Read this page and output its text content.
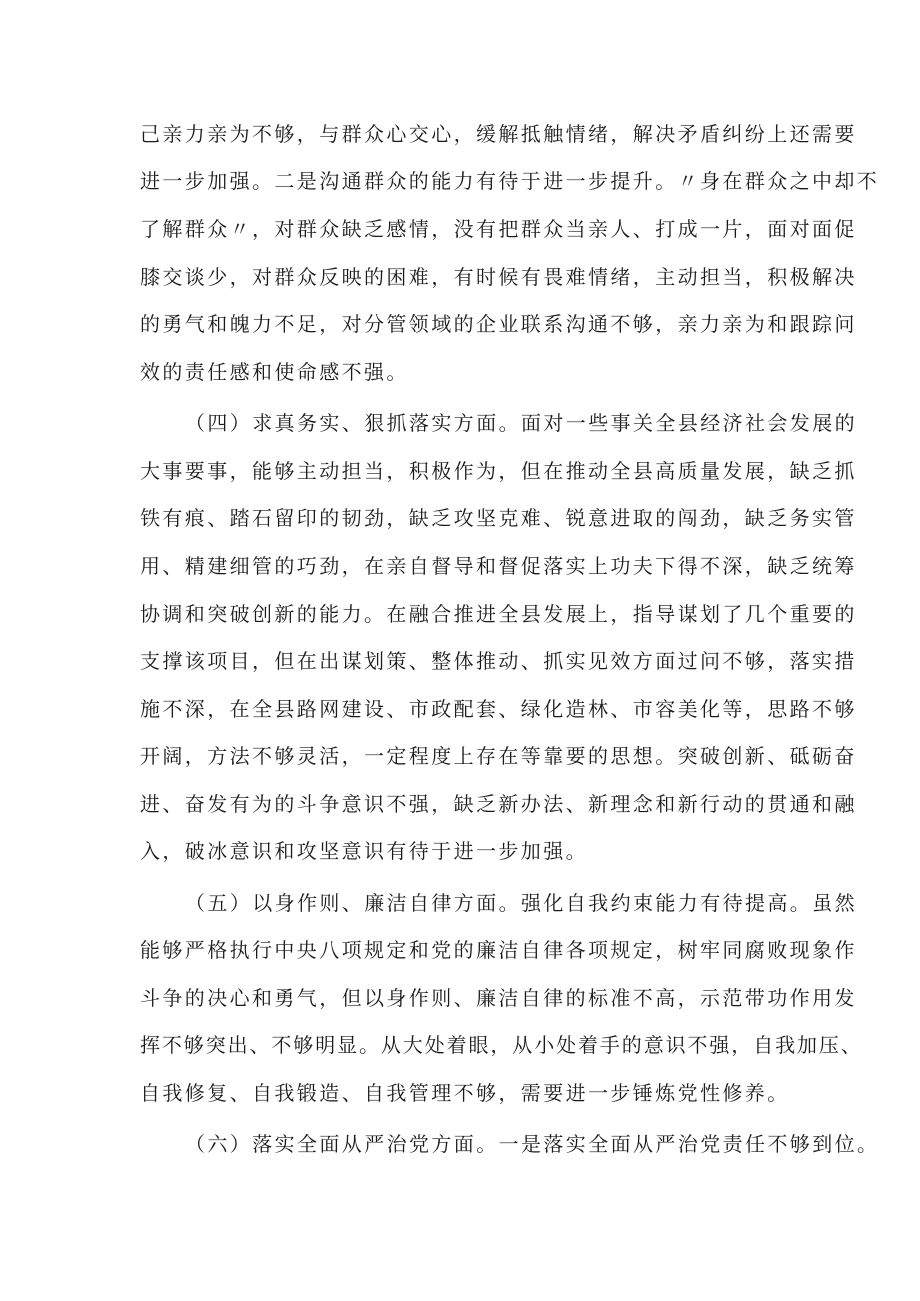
己亲力亲为不够，与群众心交心，缓解抵触情绪，解决矛盾纠纷上还需要
进一步加强。二是沟通群众的能力有待于进一步提升。〃身在群众之中却不
了解群众〃，对群众缺乏感情，没有把群众当亲人、打成一片，面对面促
膝交谈少，对群众反映的困难，有时候有畏难情绪，主动担当，积极解决
的勇气和魄力不足，对分管领域的企业联系沟通不够，亲力亲为和跟踪问
效的责任感和使命感不强。
（四）求真务实、狠抓落实方面。面对一些事关全县经济社会发展的
大事要事，能够主动担当，积极作为，但在推动全县高质量发展，缺乏抓
铁有痕、踏石留印的韧劲，缺乏攻坚克难、锐意进取的闯劲，缺乏务实管
用、精建细管的巧劲，在亲自督导和督促落实上功夫下得不深，缺乏统筹
协调和突破创新的能力。在融合推进全县发展上，指导谋划了几个重要的
支撑该项目，但在出谋划策、整体推动、抓实见效方面过问不够，落实措
施不深，在全县路网建设、市政配套、绿化造林、市容美化等，思路不够
开阔，方法不够灵活，一定程度上存在等靠要的思想。突破创新、砥砺奋
进、奋发有为的斗争意识不强，缺乏新办法、新理念和新行动的贯通和融
入，破冰意识和攻坚意识有待于进一步加强。
（五）以身作则、廉洁自律方面。强化自我约束能力有待提高。虽然
能够严格执行中央八项规定和党的廉洁自律各项规定，树牢同腐败现象作
斗争的决心和勇气，但以身作则、廉洁自律的标准不高，示范带功作用发
挥不够突出、不够明显。从大处着眼，从小处着手的意识不强，自我加压、
自我修复、自我锻造、自我管理不够，需要进一步锤炼党性修养。
（六）落实全面从严治党方面。一是落实全面从严治党责任不够到位。
